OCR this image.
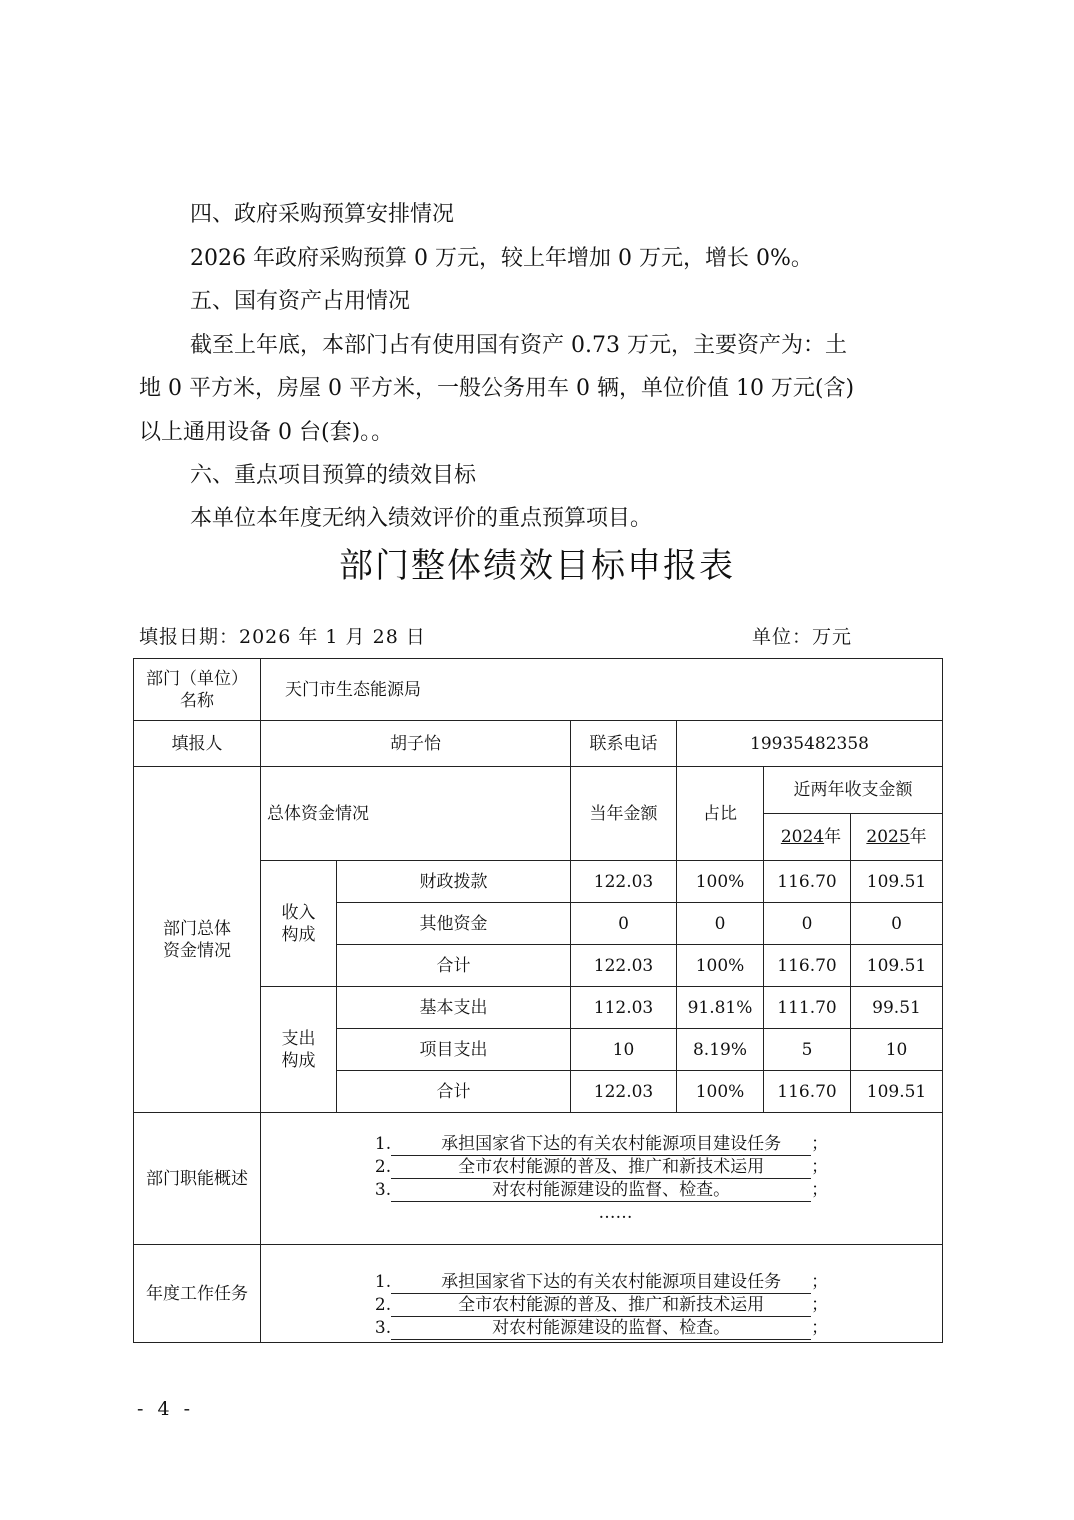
四、政府采购预算安排情况
2026 年政府采购预算 0 万元，较上年增加 0 万元，增长 0%。
五、国有资产占用情况
截至上年底，本部门占有使用国有资产 0.73 万元，主要资产为：土
地 0 平方米，房屋 0 平方米，一般公务用车 0 辆，单位价值 10 万元(含)
以上通用设备 0 台(套)。。
六、重点项目预算的绩效目标
本单位本年度无纳入绩效评价的重点预算项目。
部门整体绩效目标申报表
填报日期：2026 年 1 月 28 日	单位：万元
部门（单位）名称	天门市生态能源局					
填报人	胡子怡		联系电话	19935482358		
部门总体资金情况	总体资金情况		当年金额	占比	近两年收支金额	
					2024年	2025年
	收入构成	财政拨款	122.03	100%	116.70	109.51
		其他资金	0	0	0	0
		合计	122.03	100%	116.70	109.51
	支出构成	基本支出	112.03	91.81%	111.70	99.51
		项目支出	10	8.19%	5	10
		合计	122.03	100%	116.70	109.51
部门职能概述	1. 承担国家省下达的有关农村能源项目建设任务 ；
2. 全市农村能源的普及、推广和新技术运用 ；
3. 对农村能源建设的监督、检查。 ；
……					

年度工作任务	1. 承担国家省下达的有关农村能源项目建设任务 ；
2. 全市农村能源的普及、推广和新技术运用 ；
3. 对农村能源建设的监督、检查。 ；					
- 4 -
